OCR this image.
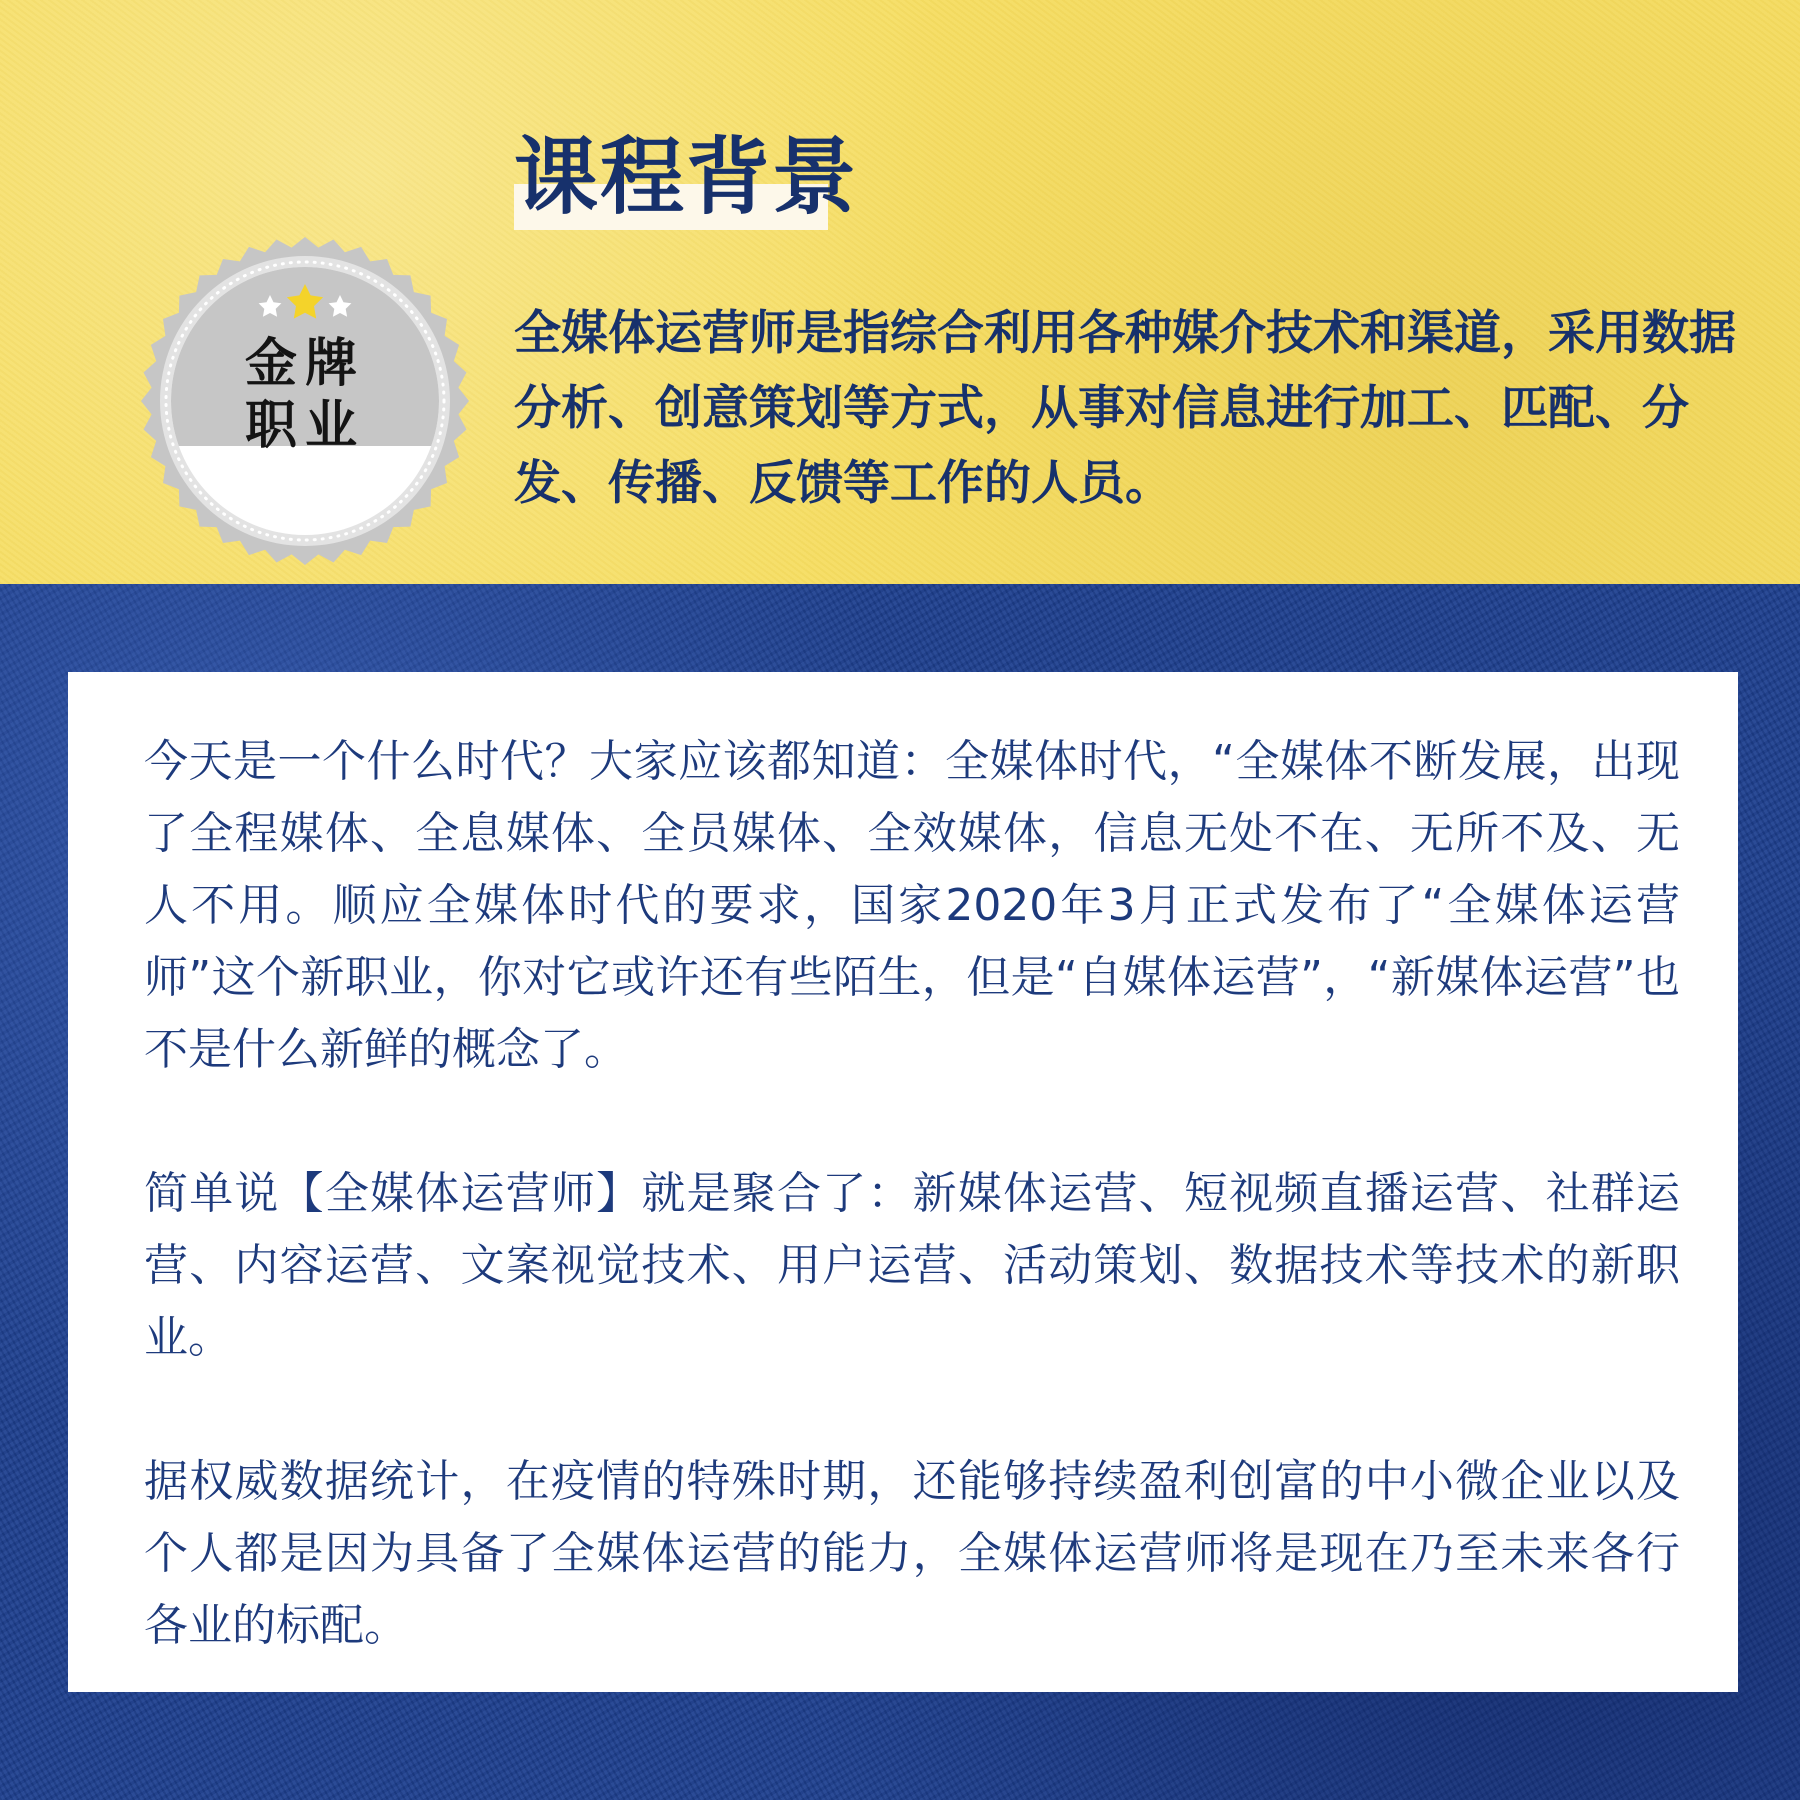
课程背景
金牌
职业

全媒体运营师是指综合利用各种媒介技术和渠道，采用数据分析、创意策划等方式，从事对信息进行加工、匹配、分发、传播、反馈等工作的人员。

今天是一个什么时代？大家应该都知道：全媒体时代，“全媒体不断发展，出现了全程媒体、全息媒体、全员媒体、全效媒体，信息无处不在、无所不及、无人不用。顺应全媒体时代的要求，国家2020年3月正式发布了“全媒体运营师”这个新职业，你对它或许还有些陌生，但是“自媒体运营”，“新媒体运营”也不是什么新鲜的概念了。

简单说【全媒体运营师】就是聚合了：新媒体运营、短视频直播运营、社群运营、内容运营、文案视觉技术、用户运营、活动策划、数据技术等技术的新职业。

据权威数据统计，在疫情的特殊时期，还能够持续盈利创富的中小微企业以及个人都是因为具备了全媒体运营的能力，全媒体运营师将是现在乃至未来各行各业的标配。
